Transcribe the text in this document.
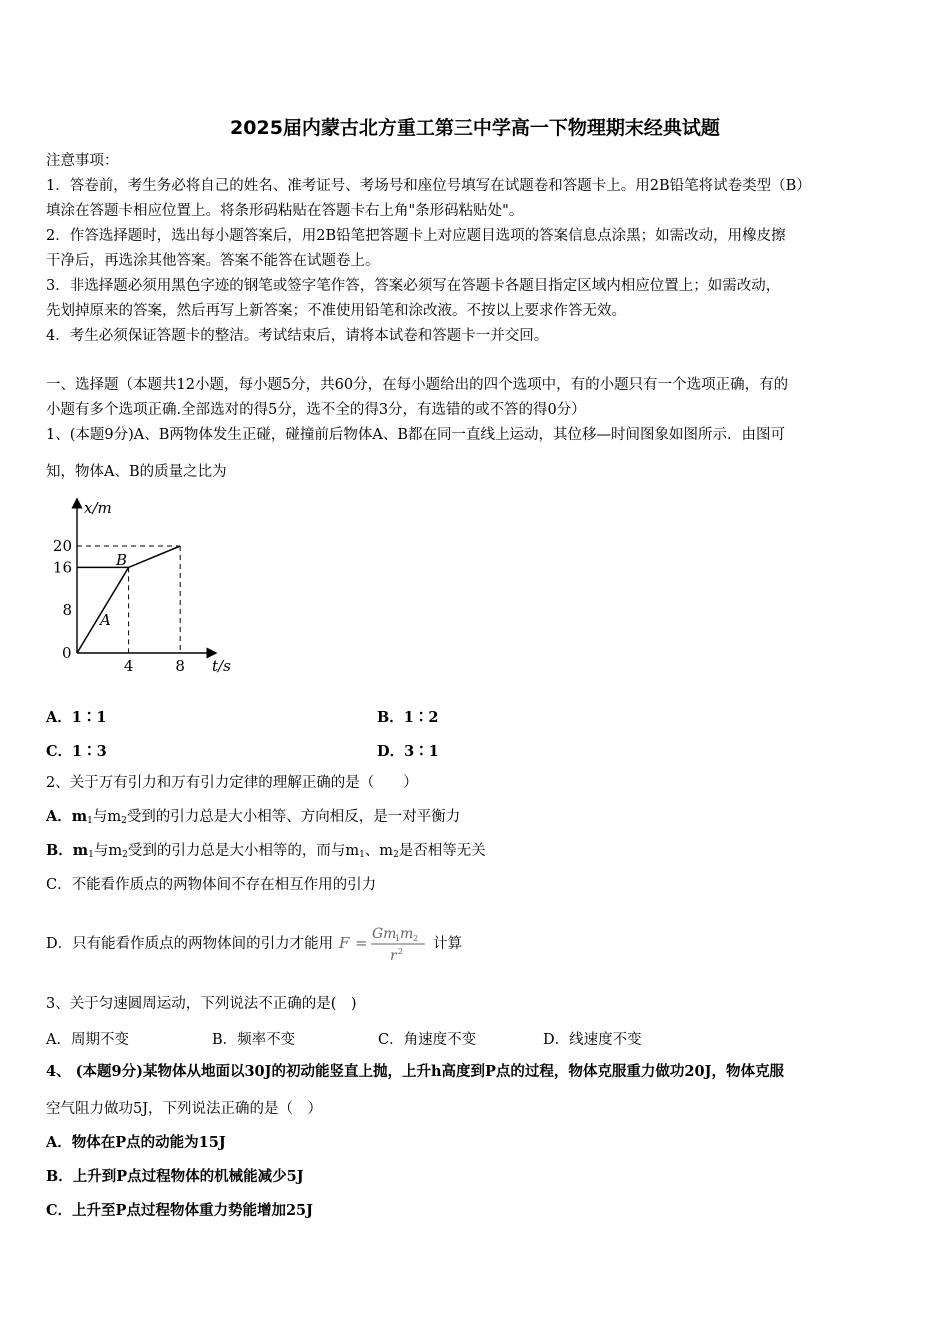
2025届内蒙古北方重工第三中学高一下物理期末经典试题
注意事项：
1．答卷前，考生务必将自己的姓名、准考证号、考场号和座位号填写在试题卷和答题卡上。用2B铅笔将试卷类型（B）
填涂在答题卡相应位置上。将条形码粘贴在答题卡右上角"条形码粘贴处"。
2．作答选择题时，选出每小题答案后，用2B铅笔把答题卡上对应题目选项的答案信息点涂黑；如需改动，用橡皮擦
干净后，再选涂其他答案。答案不能答在试题卷上。
3．非选择题必须用黑色字迹的钢笔或签字笔作答，答案必须写在答题卡各题目指定区域内相应位置上；如需改动，
先划掉原来的答案，然后再写上新答案；不准使用铅笔和涂改液。不按以上要求作答无效。
4．考生必须保证答题卡的整洁。考试结束后，请将本试卷和答题卡一并交回。
一、选择题（本题共12小题，每小题5分，共60分，在每小题给出的四个选项中，有的小题只有一个选项正确，有的
小题有多个选项正确.全部选对的得5分，选不全的得3分，有选错的或不答的得0分）
1、(本题9分)A、B两物体发生正碰，碰撞前后物体A、B都在同一直线上运动，其位移—时间图象如图所示．由图可
知，物体A、B的质量之比为
4	8
8
16
20
x/m
t/s
0
A
B
A．1∶1	B．1∶2
C．1∶3	D．3∶1
2、关于万有引力和万有引力定律的理解正确的是（　　）
A．$m_1$与$m_2$受到的引力总是大小相等、方向相反，是一对平衡力
B．$m_1$与$m_2$受到的引力总是大小相等的，而与$m_1$、$m_2$是否相等无关
C．不能看作质点的两物体间不存在相互作用的引力
D．只有能看作质点的两物体间的引力才能用 F = Gm
1 m 2
r 2 计算
3、关于匀速圆周运动，下列说法不正确的是(　)
A．周期不变	B．频率不变	C．角速度不变	D．线速度不变
4、 (本题9分)某物体从地面以30J的初动能竖直上抛，上升h高度到P点的过程，物体克服重力做功20J，物体克服
空气阻力做功5J，下列说法正确的是（　）
A．物体在P点的动能为15J
B．上升到P点过程物体的机械能减少5J
C．上升至P点过程物体重力势能增加25J
